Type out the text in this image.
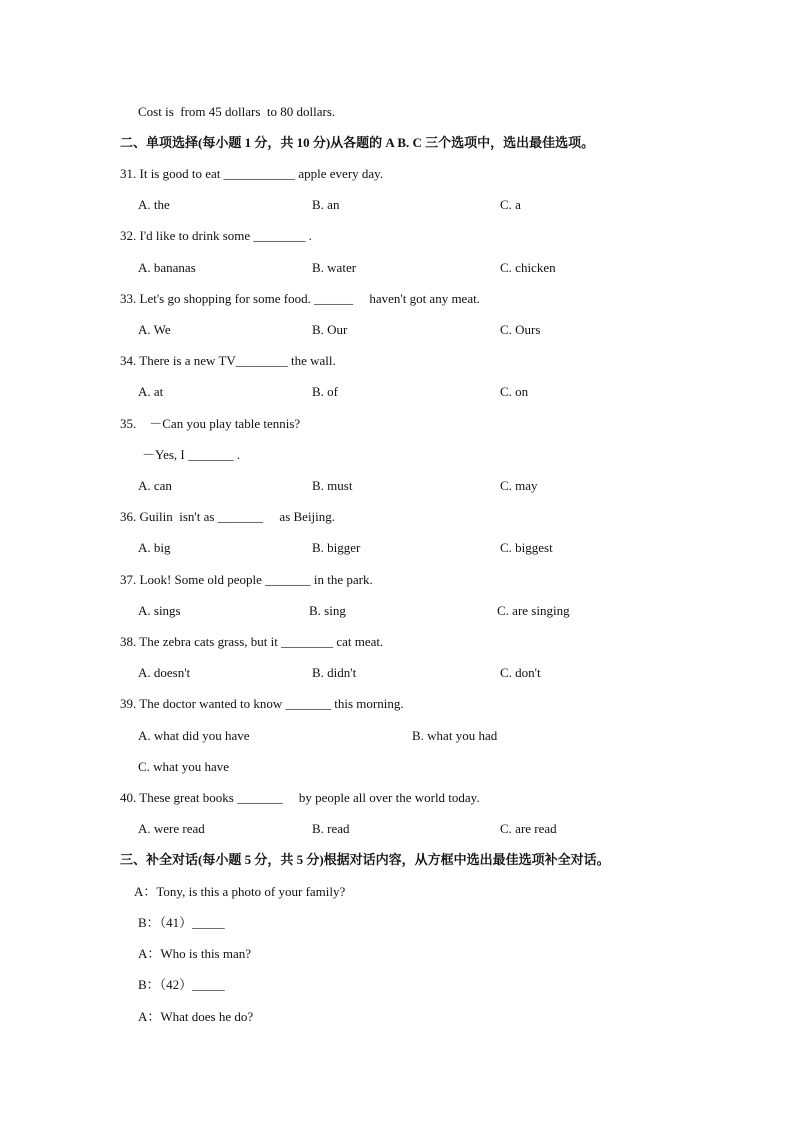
Cost is  from 45 dollars  to 80 dollars.
二、单项选择(每小题 1 分，共 10 分)从各题的 A B. C 三个选项中，选出最佳选项。
31. It is good to eat ___________ apple every day.
A. the	B. an	C. a
32. I'd like to drink some ________ .
A. bananas	B. water	C. chicken
33. Let's go shopping for some food. ______     haven't got any meat.
A. We	B. Our	C. Ours
34. There is a new TV________ the wall.
A. at	B. of	C. on
35.    －Can you play table tennis?
－Yes, I _______ .
A. can	B. must	C. may
36. Guilin  isn't as _______     as Beijing.
A. big	B. bigger	C. biggest
37. Look! Some old people _______ in the park.
A. sings	B. sing	C. are singing
38. The zebra cats grass, but it ________ cat meat.
A. doesn't	B. didn't	C. don't
39. The doctor wanted to know _______ this morning.
A. what did you have	B. what you had
C. what you have
40. These great books _______     by people all over the world today.
A. were read	B. read	C. are read
三、补全对话(每小题 5 分，共 5 分)根据对话内容，从方框中选出最佳选项补全对话。
A：Tony, is this a photo of your family?
B：（41）_____
A：Who is this man?
B：（42）_____
A：What does he do?
